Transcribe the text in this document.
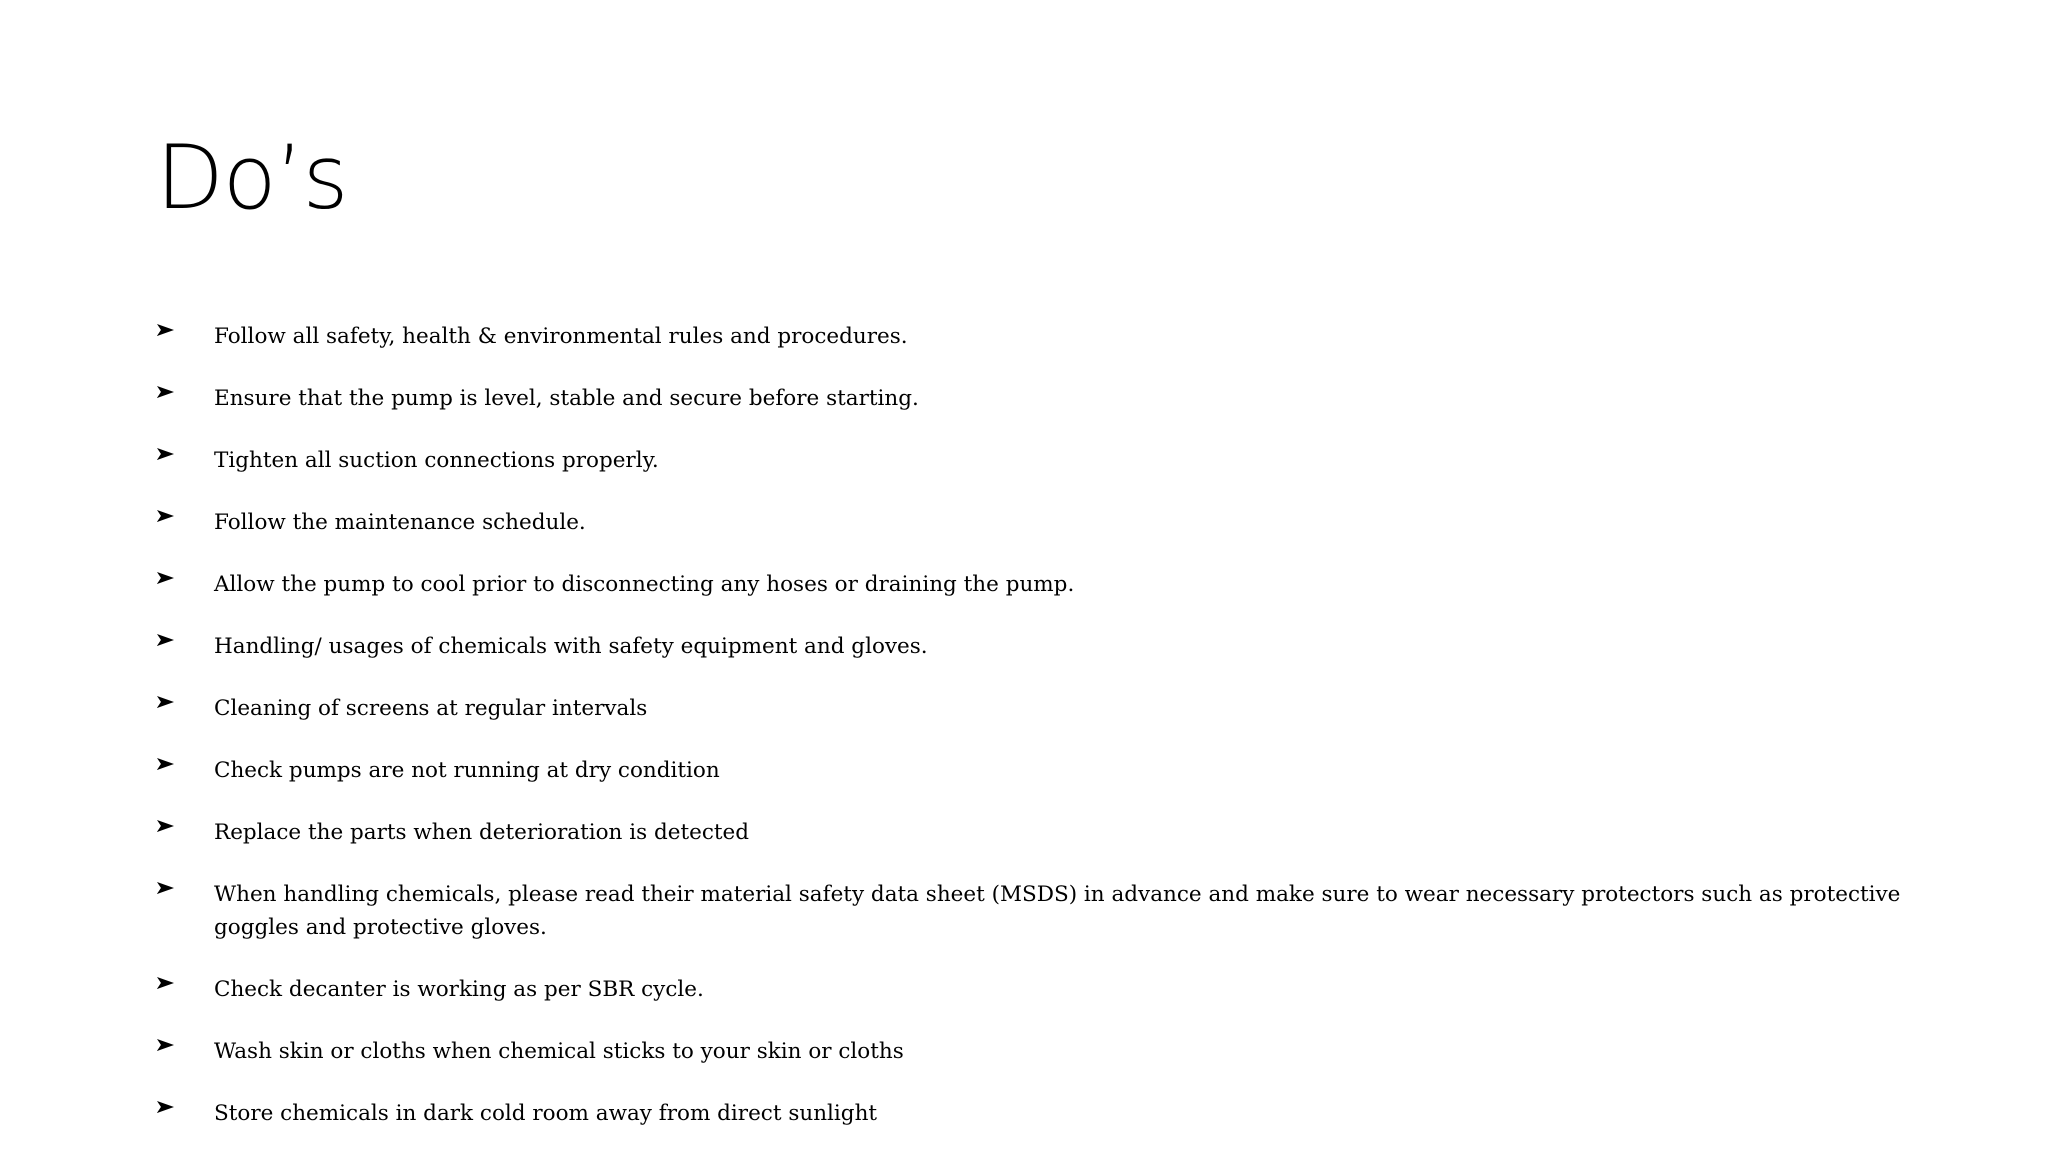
Do’s
Follow all safety, health & environmental rules and procedures.
Ensure that the pump is level, stable and secure before starting.
Tighten all suction connections properly.
Follow the maintenance schedule.
Allow the pump to cool prior to disconnecting any hoses or draining the pump.
Handling/ usages of chemicals with safety equipment and gloves.
Cleaning of screens at regular intervals
Check pumps are not running at dry condition
Replace the parts when deterioration is detected
When handling chemicals, please read their material safety data sheet (MSDS) in advance and make sure to wear necessary protectors such as protective goggles and protective gloves.
Check decanter is working as per SBR cycle.
Wash skin or cloths when chemical sticks to your skin or cloths
Store chemicals in dark cold room away from direct sunlight
